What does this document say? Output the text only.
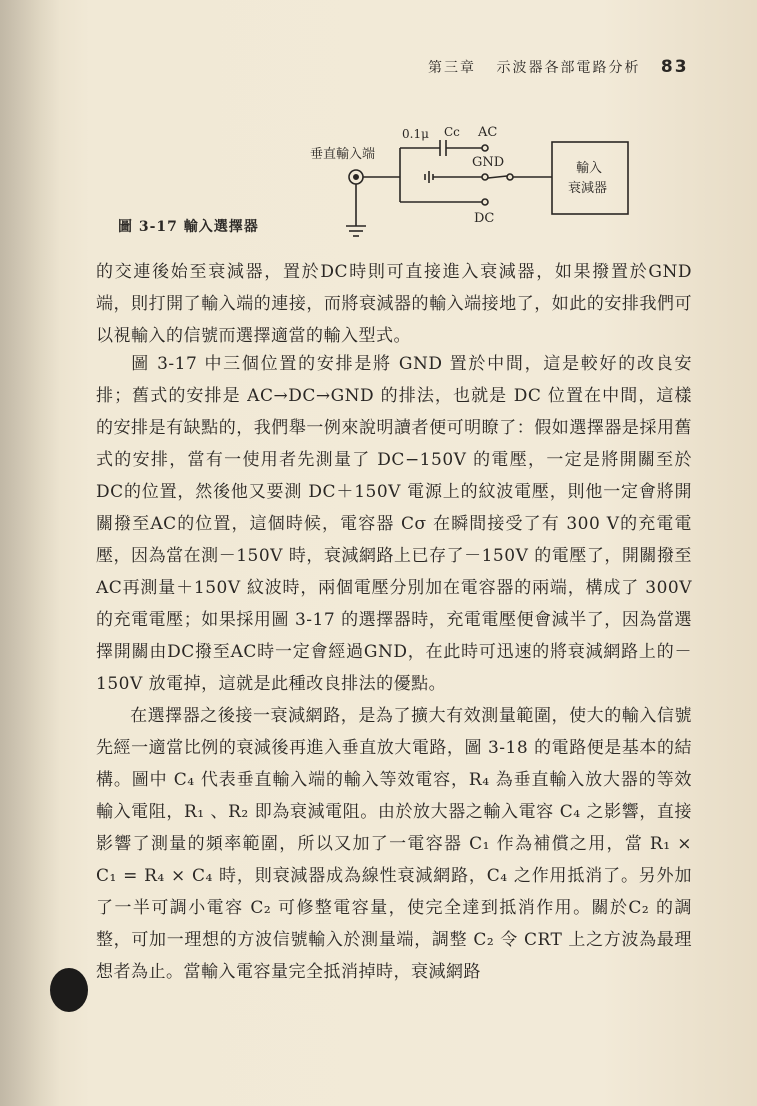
第三章 示波器各部電路分析 83
垂直輸入端
0.1μ Cc AC
GND
DC
輸入
衰減器
圖 3-17 輸入選擇器

的交連後始至衰減器，置於DC時則可直接進入衰減器，如果撥置於GND端，則打開了輸入端的連接，而將衰減器的輸入端接地了，如此的安排我們可以視輸入的信號而選擇適當的輸入型式。

圖 3-17 中三個位置的安排是將 GND 置於中間，這是較好的改良安排；舊式的安排是 AC→DC→GND 的排法，也就是 DC 位置在中間，這樣的安排是有缺點的，我們舉一例來說明讀者便可明瞭了：假如選擇器是採用舊式的安排，當有一使用者先測量了 DC−150V 的電壓，一定是將開關至於DC的位置，然後他又要測 DC＋150V 電源上的紋波電壓，則他一定會將開關撥至AC的位置，這個時候，電容器 Cσ 在瞬間接受了有 300 V的充電電壓，因為當在測－150V 時，衰減網路上已存了－150V 的電壓了，開關撥至AC再測量＋150V 紋波時，兩個電壓分別加在電容器的兩端，構成了 300V 的充電電壓；如果採用圖 3-17 的選擇器時，充電電壓便會減半了，因為當選擇開關由DC撥至AC時一定會經過GND，在此時可迅速的將衰減網路上的－150V 放電掉，這就是此種改良排法的優點。

在選擇器之後接一衰減網路，是為了擴大有效測量範圍，使大的輸入信號先經一適當比例的衰減後再進入垂直放大電路，圖 3-18 的電路便是基本的結構。圖中 C₄ 代表垂直輸入端的輸入等效電容，R₄ 為垂直輸入放大器的等效輸入電阻，R₁ 、R₂ 即為衰減電阻。由於放大器之輸入電容 C₄ 之影響，直接影響了測量的頻率範圍，所以又加了一電容器 C₁ 作為補償之用，當 R₁ × C₁ = R₄ × C₄ 時，則衰減器成為線性衰減網路，C₄ 之作用抵消了。另外加了一半可調小電容 C₂ 可修整電容量，使完全達到抵消作用。關於C₂ 的調整，可加一理想的方波信號輸入於測量端，調整 C₂ 令 CRT 上之方波為最理想者為止。當輸入電容量完全抵消掉時，衰減網路
